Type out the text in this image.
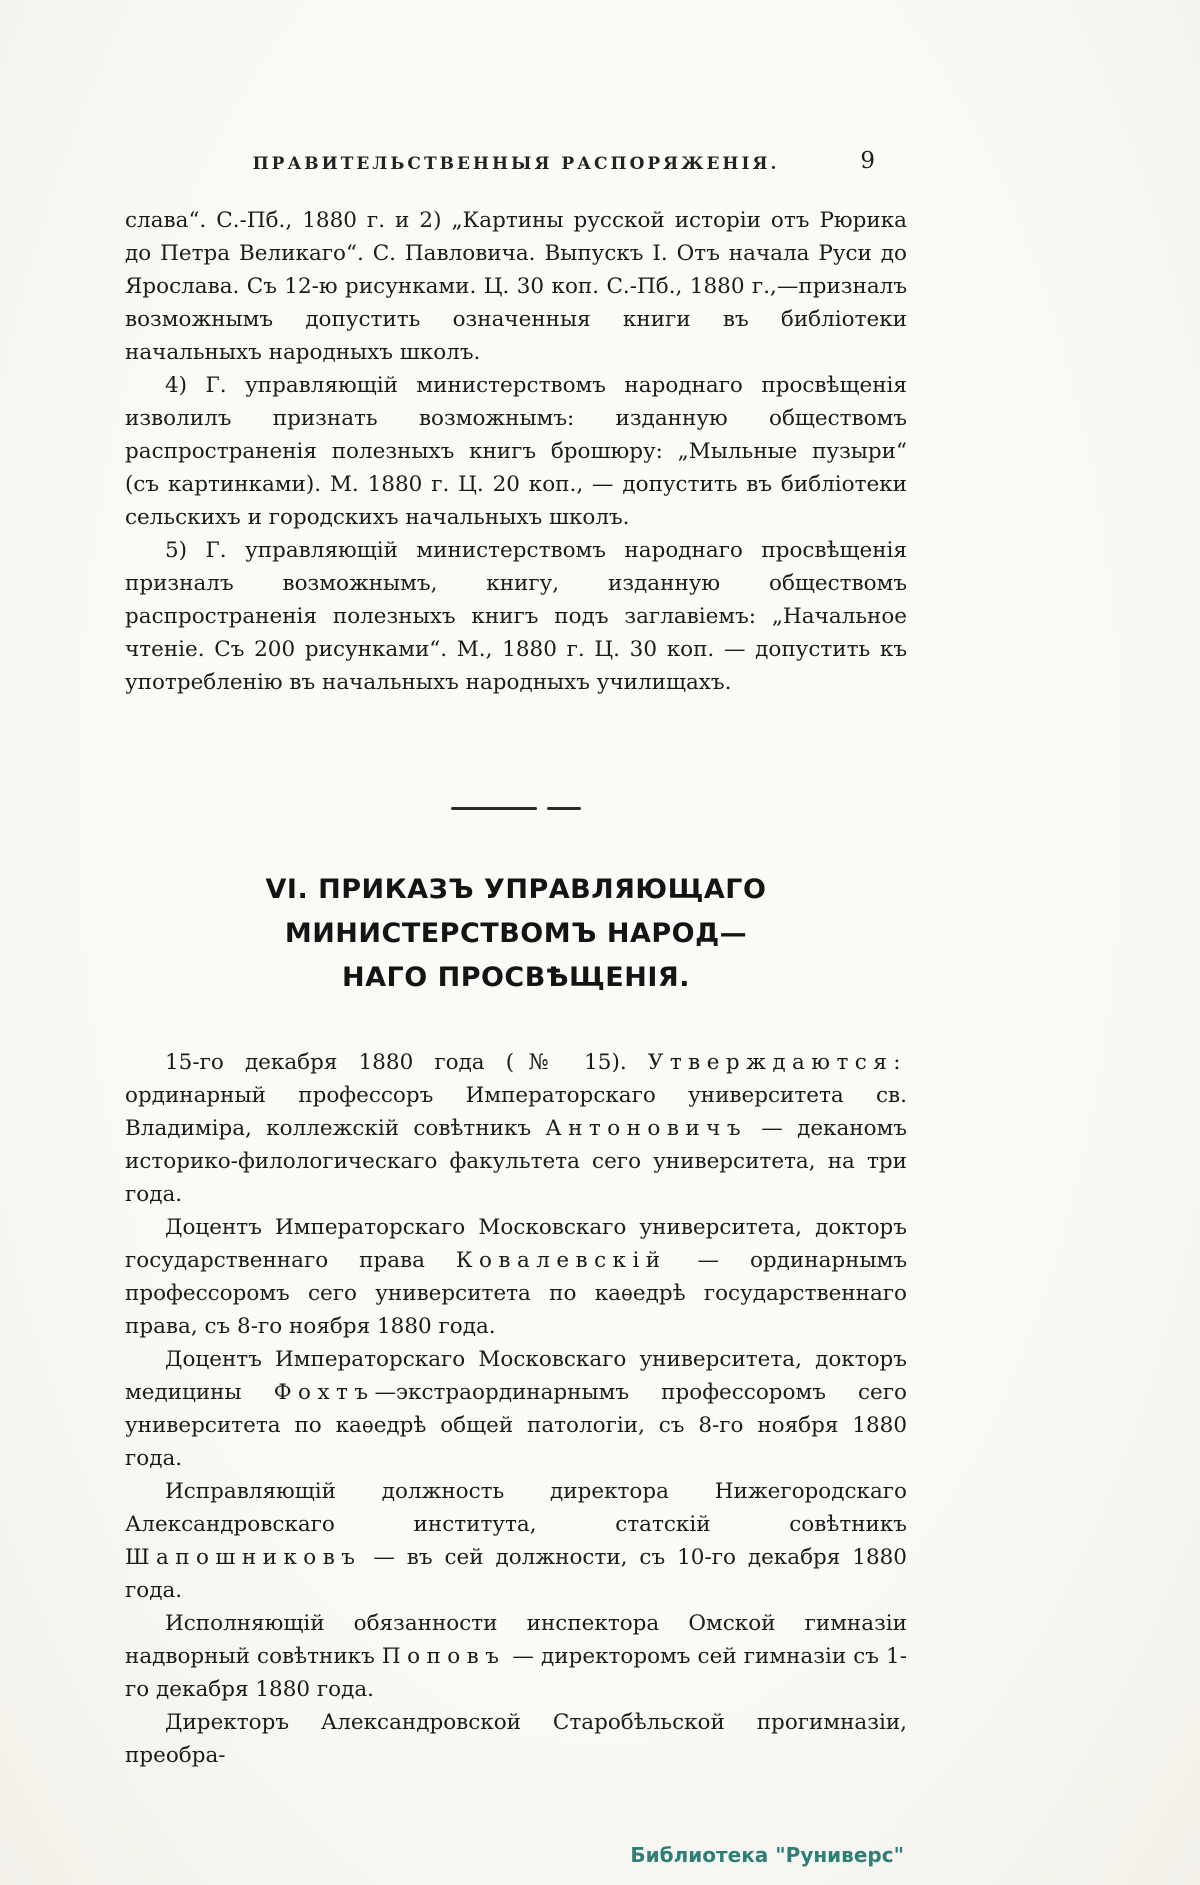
ПРАВИТЕЛЬСТВЕННЫЯ РАСПОРЯЖЕНІЯ.	9

слава“. С.-Пб., 1880 г. и 2) „Картины русской исторіи отъ Рюрика до Петра Великаго“. С. Павловича. Выпускъ I. Отъ начала Руси до Ярослава. Съ 12-ю рисунками. Ц. 30 коп. С.-Пб., 1880 г.,—призналъ возможнымъ допустить означенныя книги въ библіотеки начальныхъ народныхъ школъ.

4) Г. управляющій министерствомъ народнаго просвѣщенія изволилъ признать возможнымъ: изданную обществомъ распространенія полезныхъ книгъ брошюру: „Мыльные пузыри“ (съ картинками). М. 1880 г. Ц. 20 коп., — допустить въ библіотеки сельскихъ и городскихъ начальныхъ школъ.

5) Г. управляющій министерствомъ народнаго просвѣщенія призналъ возможнымъ, книгу, изданную обществомъ распространенія полезныхъ книгъ подъ заглавіемъ: „Начальное чтеніе. Съ 200 рисунками“. М., 1880 г. Ц. 30 коп. — допустить къ употребленію въ начальныхъ народныхъ училищахъ.

VI. ПРИКАЗЪ УПРАВЛЯЮЩАГО МИНИСТЕРСТВОМЪ НАРОД—
НАГО ПРОСВѢЩЕНІЯ.

15-го декабря 1880 года (№ 15). Утверждаются: ординарный профессоръ Императорскаго университета св. Владиміра, коллежскій совѣтникъ Антоновичъ — деканомъ историко-филологическаго факультета сего университета, на три года.

Доцентъ Императорскаго Московскаго университета, докторъ государственнаго права Ковалевскій — ординарнымъ профессоромъ сего университета по каѳедрѣ государственнаго права, съ 8-го ноября 1880 года.

Доцентъ Императорскаго Московскаго университета, докторъ медицины Фохтъ—экстраординарнымъ профессоромъ сего университета по каѳедрѣ общей патологіи, съ 8-го ноября 1880 года.

Исправляющій должность директора Нижегородскаго Александровскаго института, статскій совѣтникъ Шапошниковъ — въ сей должности, съ 10-го декабря 1880 года.

Исполняющій обязанности инспектора Омской гимназіи надворный совѣтникъ Поповъ — директоромъ сей гимназіи съ 1-го декабря 1880 года.

Директоръ Александровской Старобѣльской прогимназіи, преобра-

Библиотека "Руниверс"
